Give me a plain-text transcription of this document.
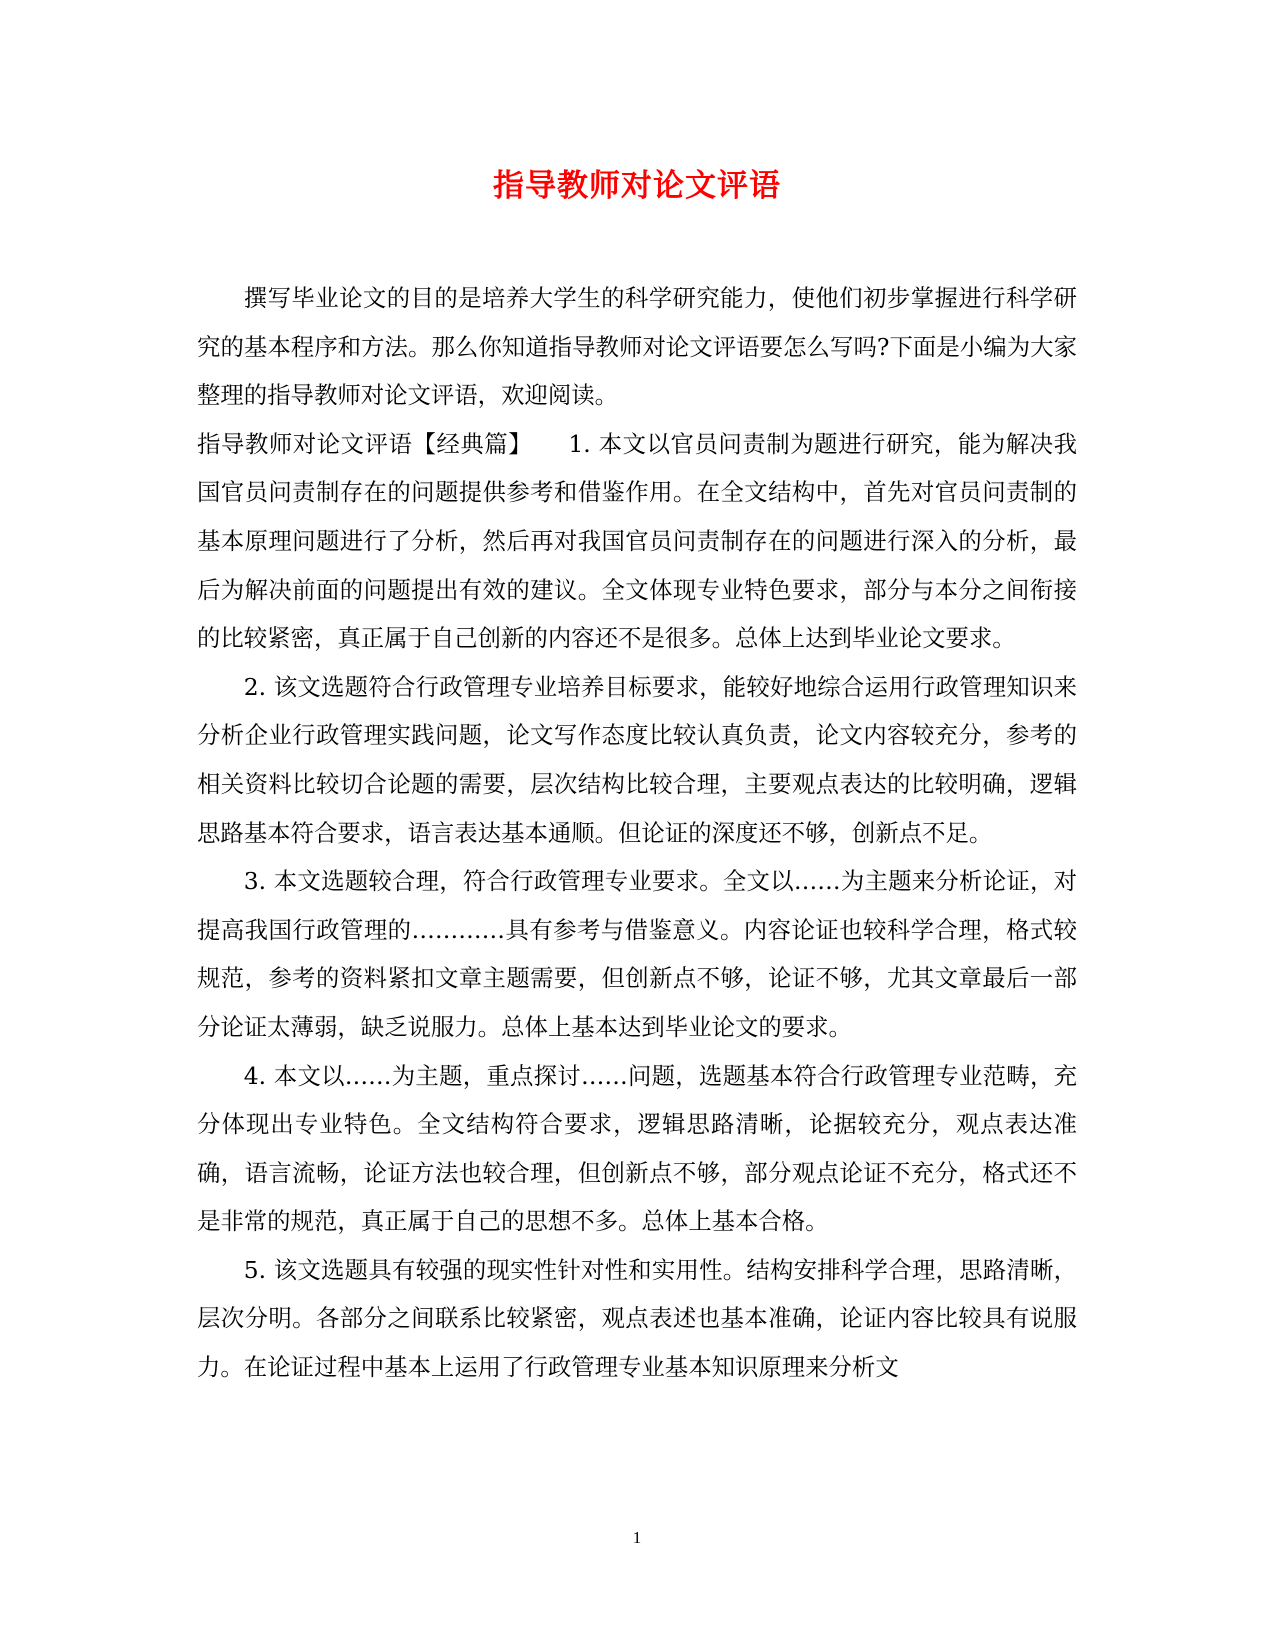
指导教师对论文评语

撰写毕业论文的目的是培养大学生的科学研究能力，使他们初步掌握进行科学研究的基本程序和方法。那么你知道指导教师对论文评语要怎么写吗?下面是小编为大家整理的指导教师对论文评语，欢迎阅读。

指导教师对论文评语【经典篇】　　1. 本文以官员问责制为题进行研究，能为解决我国官员问责制存在的问题提供参考和借鉴作用。在全文结构中，首先对官员问责制的基本原理问题进行了分析，然后再对我国官员问责制存在的问题进行深入的分析，最后为解决前面的问题提出有效的建议。全文体现专业特色要求，部分与本分之间衔接的比较紧密，真正属于自己创新的内容还不是很多。总体上达到毕业论文要求。

2. 该文选题符合行政管理专业培养目标要求，能较好地综合运用行政管理知识来分析企业行政管理实践问题，论文写作态度比较认真负责，论文内容较充分，参考的相关资料比较切合论题的需要，层次结构比较合理，主要观点表达的比较明确，逻辑思路基本符合要求，语言表达基本通顺。但论证的深度还不够，创新点不足。

3. 本文选题较合理，符合行政管理专业要求。全文以……为主题来分析论证，对提高我国行政管理的…………具有参考与借鉴意义。内容论证也较科学合理，格式较规范，参考的资料紧扣文章主题需要，但创新点不够，论证不够，尤其文章最后一部分论证太薄弱，缺乏说服力。总体上基本达到毕业论文的要求。

4. 本文以……为主题，重点探讨……问题，选题基本符合行政管理专业范畴，充分体现出专业特色。全文结构符合要求，逻辑思路清晰，论据较充分，观点表达准确，语言流畅，论证方法也较合理，但创新点不够，部分观点论证不充分，格式还不是非常的规范，真正属于自己的思想不多。总体上基本合格。

5. 该文选题具有较强的现实性针对性和实用性。结构安排科学合理，思路清晰，层次分明。各部分之间联系比较紧密，观点表述也基本准确，论证内容比较具有说服力。在论证过程中基本上运用了行政管理专业基本知识原理来分析文

1
